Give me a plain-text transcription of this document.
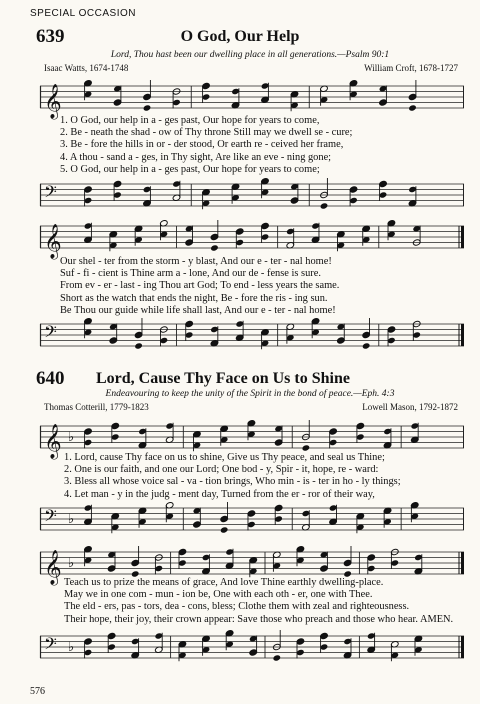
SPECIAL OCCASION
639	O God, Our Help
Lord, Thou hast been our dwelling place in all generations.—Psalm 90:1
Isaac Watts, 1674-1748	William Croft, 1678-1727
𝄞
1. O God, our help in a - ges past, Our hope for years to come,
2. Be - neath the shad - ow of Thy throne Still may we dwell se - cure;
3. Be - fore the hills in or - der stood, Or earth re - ceived her frame,
4. A thou - sand a - ges, in Thy sight, Are like an eve - ning gone;
5. O God, our help in a - ges past, Our hope for years to come;
𝄢
𝄞
Our shel - ter from the storm - y blast, And our e - ter - nal home!
Suf - fi - cient is Thine arm a - lone, And our de - fense is sure.
From ev - er - last - ing Thou art God; To end - less years the same.
Short as the watch that ends the night, Be - fore the ris - ing sun.
Be Thou our guide while life shall last, And our e - ter - nal home!
𝄢
640 Lord, Cause Thy Face on Us to Shine
Endeavouring to keep the unity of the Spirit in the bond of peace.—Eph. 4:3
Thomas Cotterill, 1779-1823	Lowell Mason, 1792-1872
𝄞 ♭
1. Lord, cause Thy face on us to shine, Give us Thy peace, and seal us Thine;
2. One is our faith, and one our Lord; One bod - y, Spir - it, hope, re - ward:
3. Bless all whose voice sal - va - tion brings, Who min - is - ter in ho - ly things;
4. Let man - y in the judg - ment day, Turned from the er - ror of their way,
𝄢 ♭
𝄞 ♭
Teach us to prize the means of grace, And love Thine earthly dwelling-place.
May we in one com - mun - ion be, One with each oth - er, one with Thee.
The eld - ers, pas - tors, dea - cons, bless; Clothe them with zeal and righteousness.
Their hope, their joy, their crown appear: Save those who preach and those who hear. AMEN.
𝄢 ♭
576
